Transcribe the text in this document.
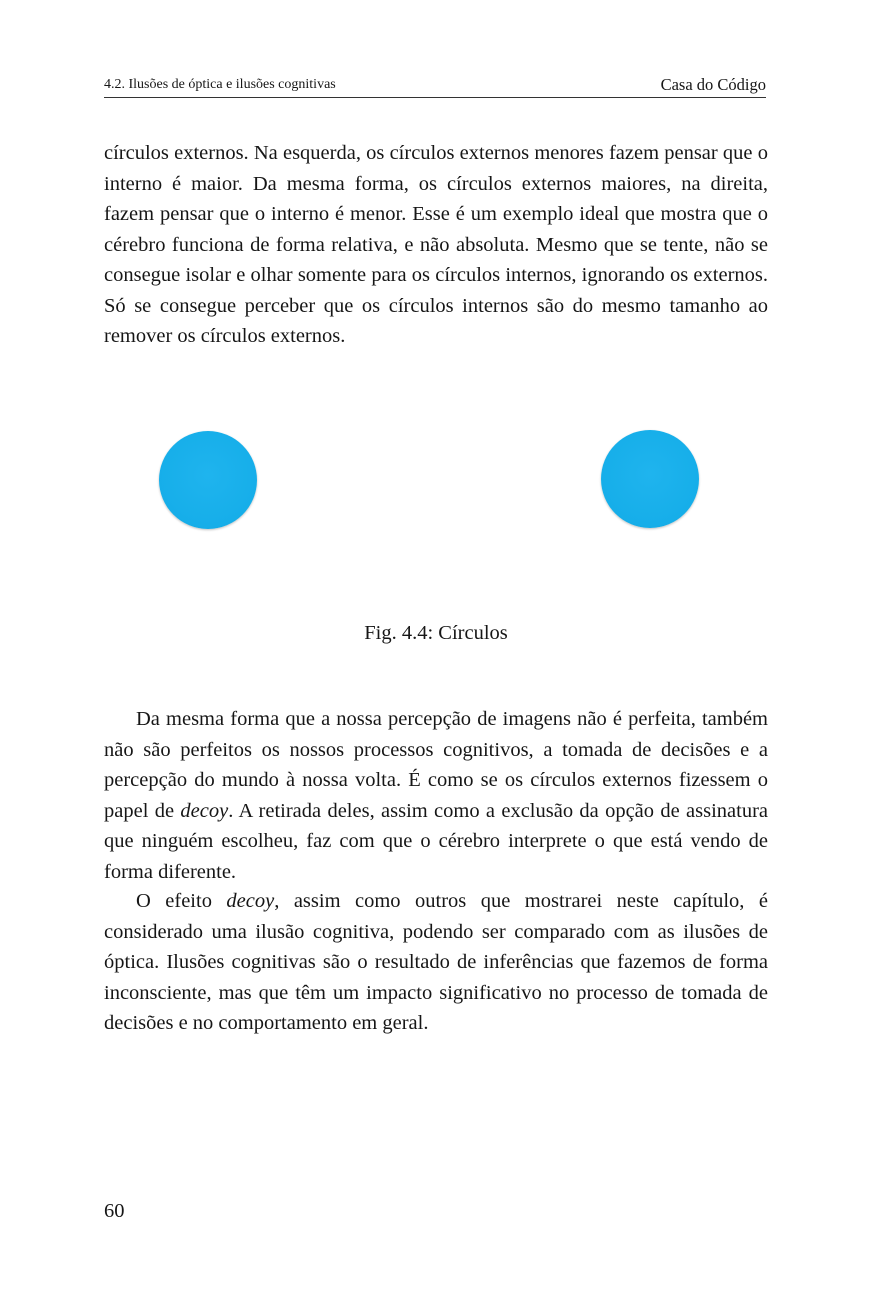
4.2. Ilusões de óptica e ilusões cognitivas	Casa do Código

círculos externos. Na esquerda, os círculos externos menores fazem pensar que o interno é maior. Da mesma forma, os círculos externos maiores, na direita, fazem pensar que o interno é menor. Esse é um exemplo ideal que mostra que o cérebro funciona de forma relativa, e não absoluta. Mesmo que se tente, não se consegue isolar e olhar somente para os círculos internos, ignorando os externos. Só se consegue perceber que os círculos internos são do mesmo tamanho ao remover os círculos externos.

Fig. 4.4: Círculos

Da mesma forma que a nossa percepção de imagens não é perfeita, também não são perfeitos os nossos processos cognitivos, a tomada de decisões e a percepção do mundo à nossa volta. É como se os círculos externos fizessem o papel de decoy. A retirada deles, assim como a exclusão da opção de assinatura que ninguém escolheu, faz com que o cérebro interprete o que está vendo de forma diferente.

O efeito decoy, assim como outros que mostrarei neste capítulo, é considerado uma ilusão cognitiva, podendo ser comparado com as ilusões de óptica. Ilusões cognitivas são o resultado de inferências que fazemos de forma inconsciente, mas que têm um impacto significativo no processo de tomada de decisões e no comportamento em geral.

60
